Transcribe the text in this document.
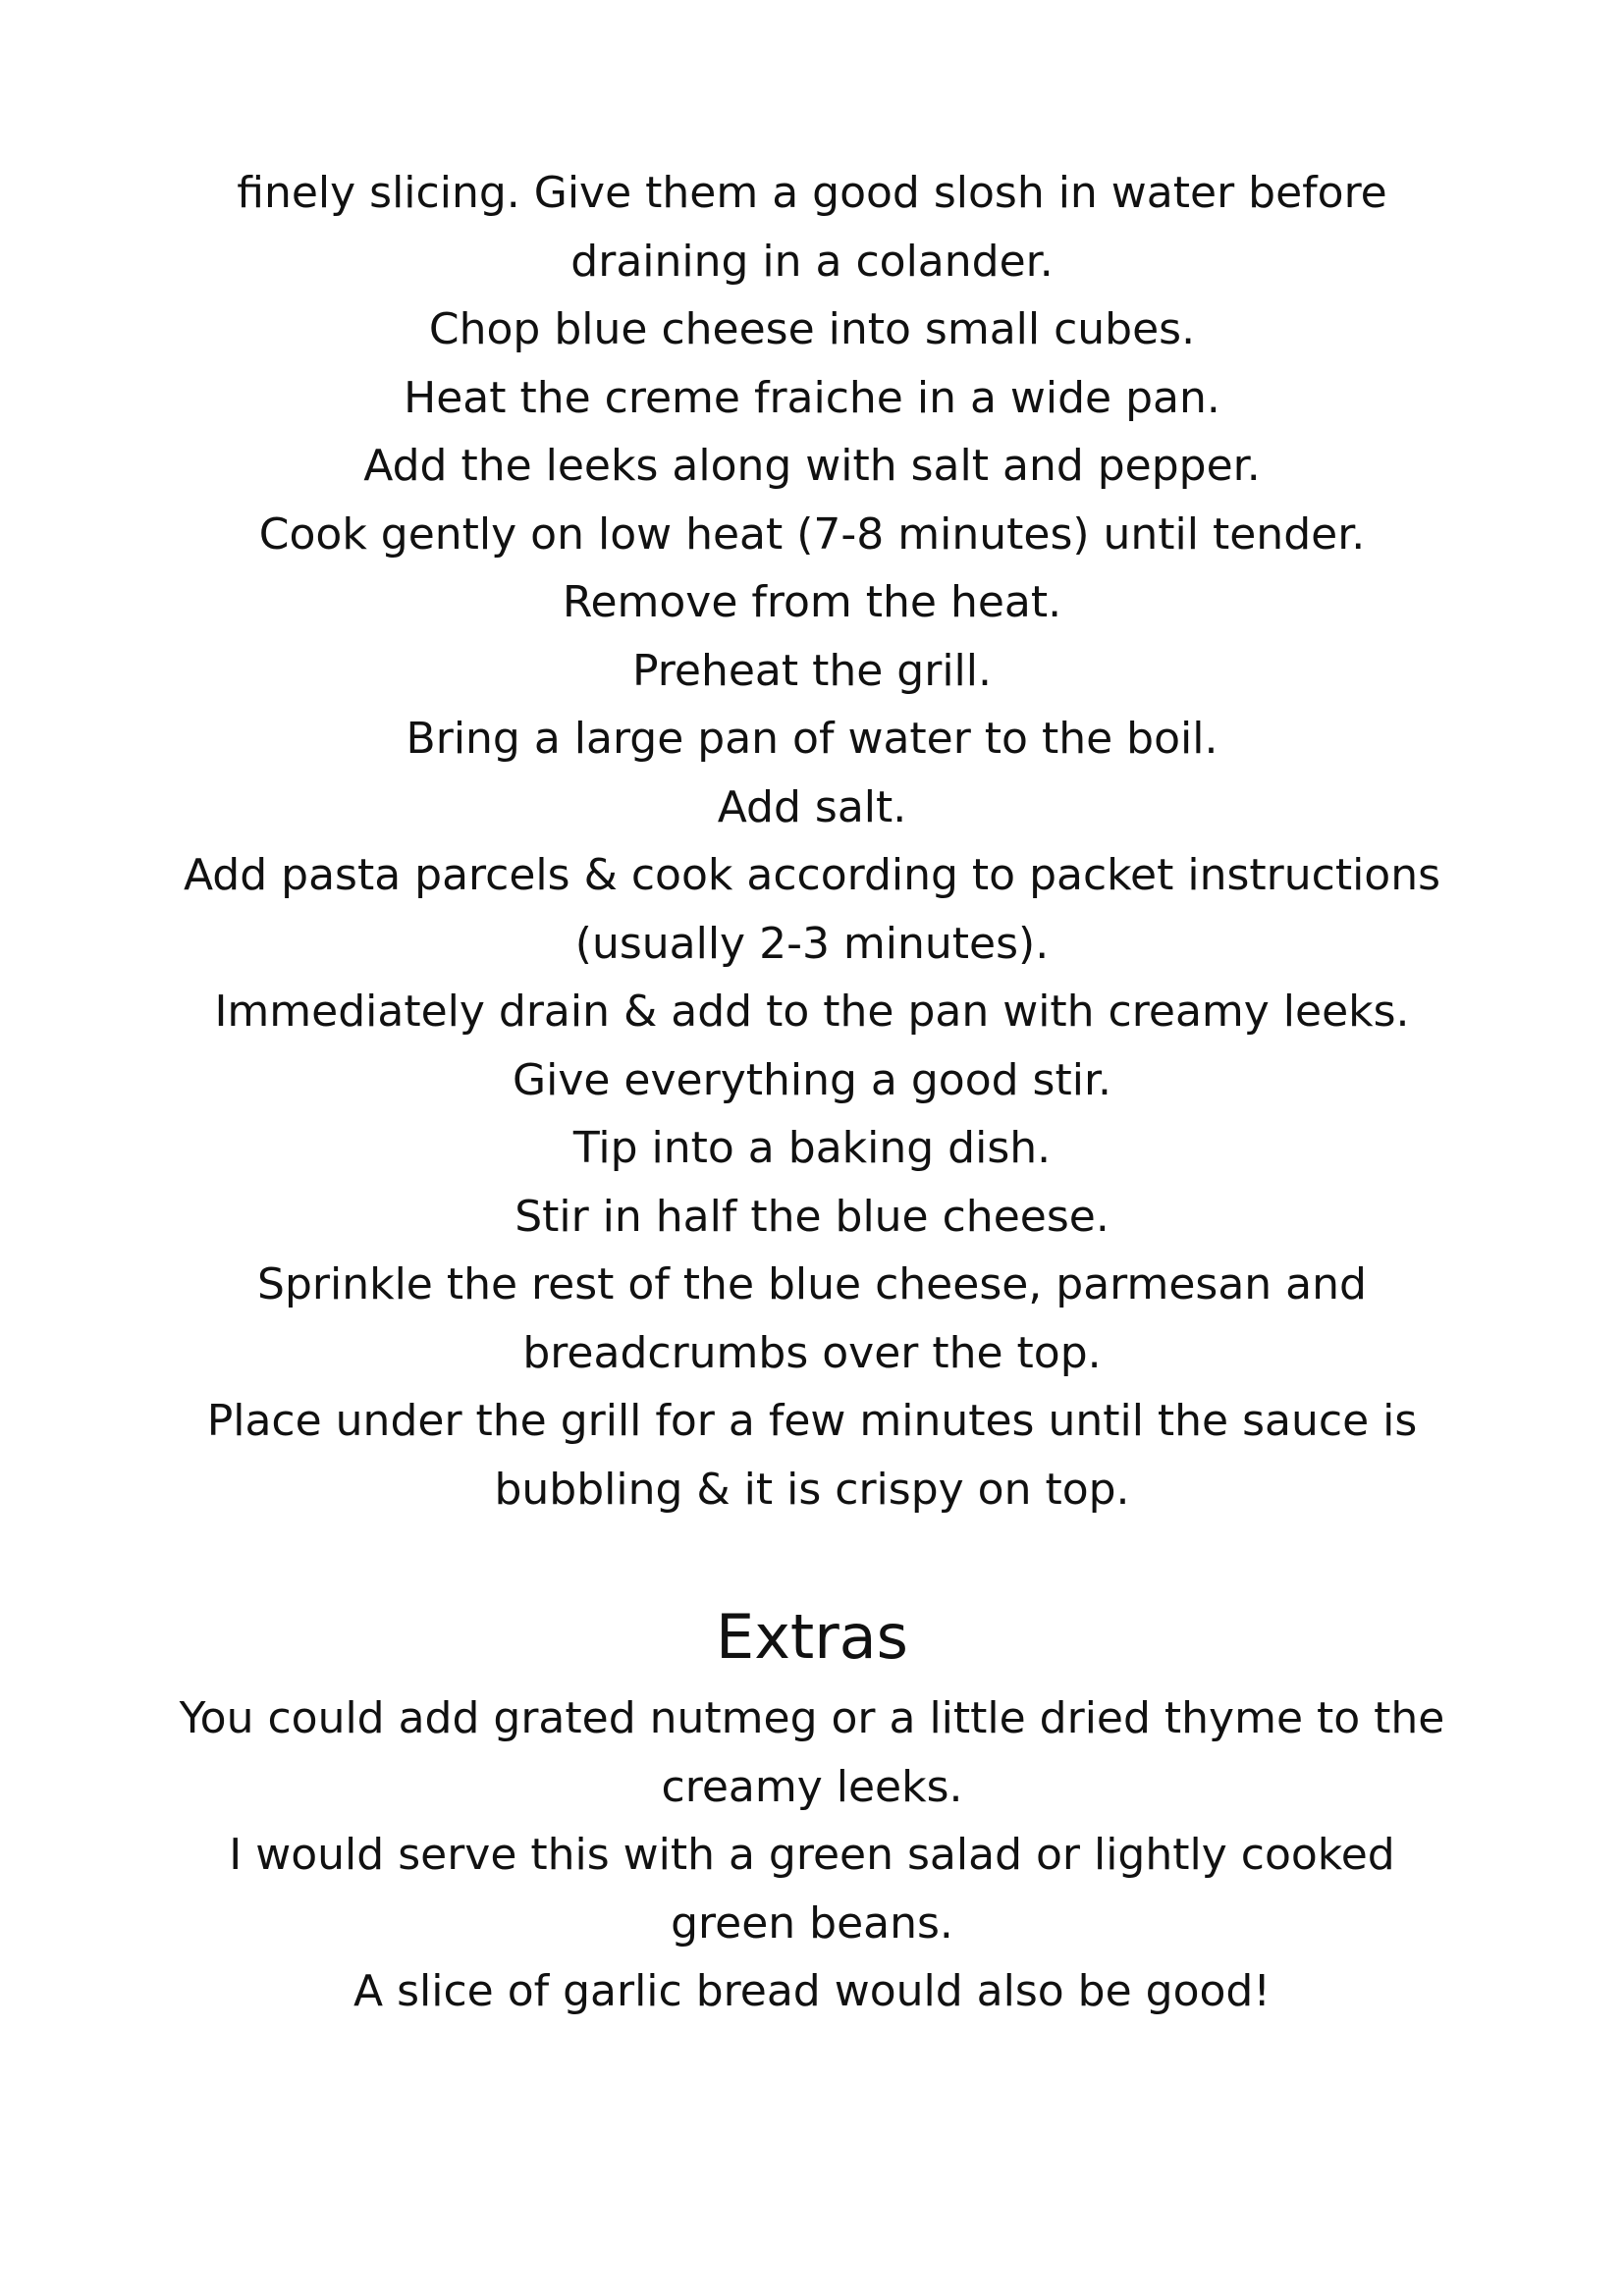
finely slicing. Give them a good slosh in water before
draining in a colander.
Chop blue cheese into small cubes.
Heat the creme fraiche in a wide pan.
Add the leeks along with salt and pepper.
Cook gently on low heat (7-8 minutes) until tender.
Remove from the heat.
Preheat the grill.
Bring a large pan of water to the boil.
Add salt.
Add pasta parcels & cook according to packet instructions
(usually 2-3 minutes).
Immediately drain & add to the pan with creamy leeks.
Give everything a good stir.
Tip into a baking dish.
Stir in half the blue cheese.
Sprinkle the rest of the blue cheese, parmesan and
breadcrumbs over the top.
Place under the grill for a few minutes until the sauce is
bubbling & it is crispy on top.
Extras
You could add grated nutmeg or a little dried thyme to the
creamy leeks.
I would serve this with a green salad or lightly cooked
green beans.
A slice of garlic bread would also be good!
